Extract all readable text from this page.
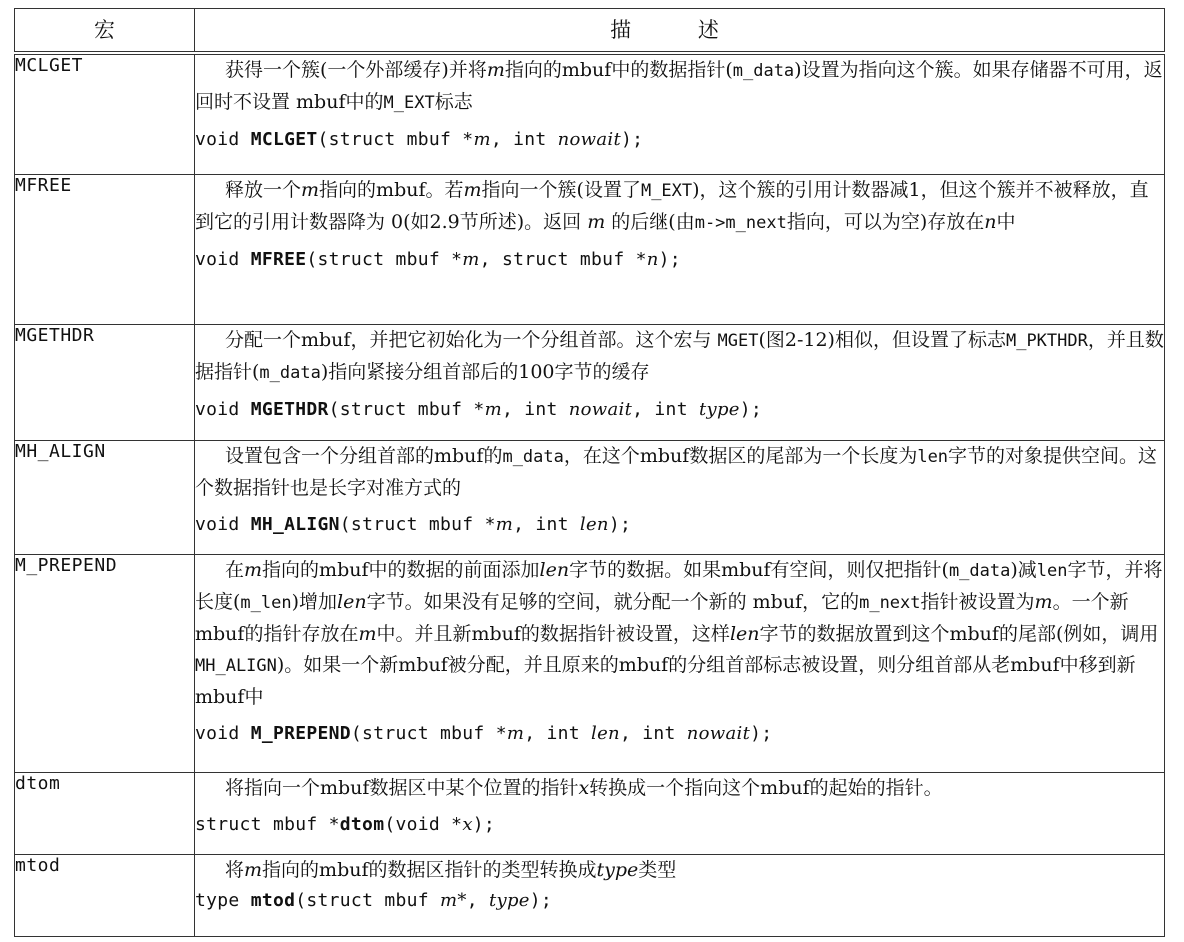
宏	描 述
MCLGET	获得一个簇(一个外部缓存)并将m指向的mbuf中的数据指针(m_data)设置为指向这个簇。如果存储器不可用，返回时不设置 mbuf中的M_EXT标志

void MCLGET(struct mbuf *m, int nowait);

MFREE	释放一个m指向的mbuf。若m指向一个簇(设置了M_EXT)，这个簇的引用计数器减1，但这个簇并不被释放，直到它的引用计数器降为 0(如2.9节所述)。返回 m 的后继(由m->m_next指向，可以为空)存放在n中

void MFREE(struct mbuf *m, struct mbuf *n);

MGETHDR	分配一个mbuf，并把它初始化为一个分组首部。这个宏与 MGET(图2-12)相似，但设置了标志M_PKTHDR，并且数据指针(m_data)指向紧接分组首部后的100字节的缓存

void MGETHDR(struct mbuf *m, int nowait, int type);

MH_ALIGN	设置包含一个分组首部的mbuf的m_data，在这个mbuf数据区的尾部为一个长度为len字节的对象提供空间。这个数据指针也是长字对准方式的

void MH_ALIGN(struct mbuf *m, int len);

M_PREPEND	在m指向的mbuf中的数据的前面添加len字节的数据。如果mbuf有空间，则仅把指针(m_data)减len字节，并将长度(m_len)增加len字节。如果没有足够的空间，就分配一个新的 mbuf，它的m_next指针被设置为m。一个新mbuf的指针存放在m中。并且新mbuf的数据指针被设置，这样len字节的数据放置到这个mbuf的尾部(例如，调用MH_ALIGN)。如果一个新mbuf被分配，并且原来的mbuf的分组首部标志被设置，则分组首部从老mbuf中移到新mbuf中

void M_PREPEND(struct mbuf *m, int len, int nowait);

dtom	将指向一个mbuf数据区中某个位置的指针x转换成一个指向这个mbuf的起始的指针。

struct mbuf *dtom(void *x);

mtod	将m指向的mbuf的数据区指针的类型转换成type类型

type mtod(struct mbuf m*, type);
